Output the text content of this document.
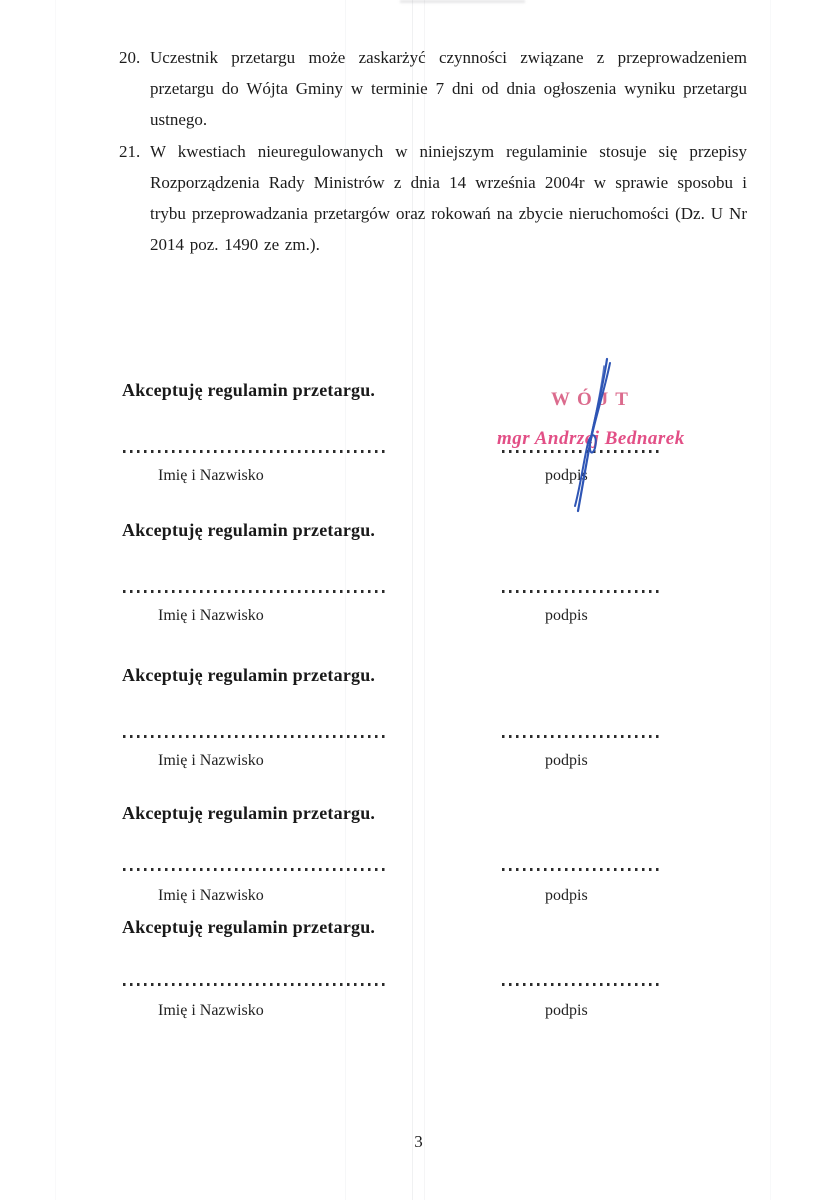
20. Uczestnik przetargu może zaskarżyć czynności związane z przeprowadzeniem przetargu do Wójta Gminy w terminie 7 dni od dnia ogłoszenia wyniku przetargu ustnego.
21. W kwestiach nieuregulowanych w niniejszym regulaminie stosuje się przepisy Rozporządzenia Rady Ministrów z dnia 14 września 2004r w sprawie sposobu i trybu przeprowadzania przetargów oraz rokowań na zbycie nieruchomości (Dz. U Nr 2014 poz. 1490 ze zm.).
Akceptuję regulamin przetargu.
Imię i Nazwisko	podpis
Akceptuję regulamin przetargu.
Imię i Nazwisko	podpis
Akceptuję regulamin przetargu.
Imię i Nazwisko	podpis
Akceptuję regulamin przetargu.
Imię i Nazwisko	podpis
Akceptuję regulamin przetargu.
Imię i Nazwisko	podpis
WÓJT
mgr Andrzej Bednarek
3
